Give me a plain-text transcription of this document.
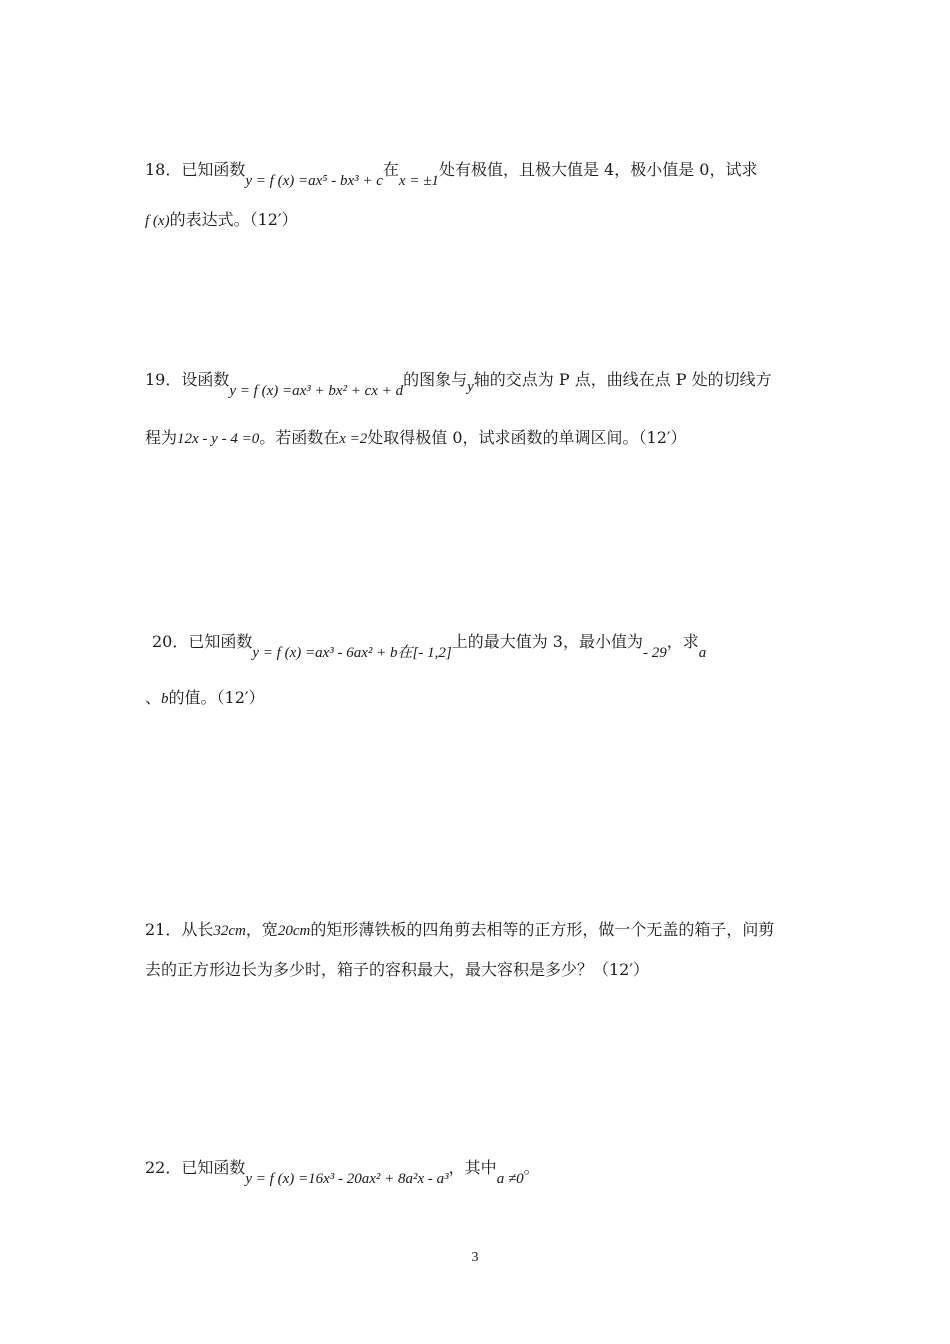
18．已知函数y = f (x) =ax⁵ - bx³ + c在x = ±1处有极值，且极大值是 4，极小值是 0，试求
f (x)的表达式。（12′）
19．设函数y = f (x) =ax³ + bx² + cx + d的图象与y轴的交点为 P 点，曲线在点 P 处的切线方
程为12x - y - 4 =0。若函数在x =2处取得极值 0，试求函数的单调区间。（12′）
20．已知函数y = f (x) =ax³ - 6ax² + b在[- 1,2]上的最大值为 3，最小值为- 29，求a
、b的值。（12′）
21．从长32cm，宽20cm的矩形薄铁板的四角剪去相等的正方形，做一个无盖的箱子，问剪
去的正方形边长为多少时，箱子的容积最大，最大容积是多少？（12′）
22．已知函数y = f (x) =16x³ - 20ax² + 8a²x - a³，其中a ≠0。
3
